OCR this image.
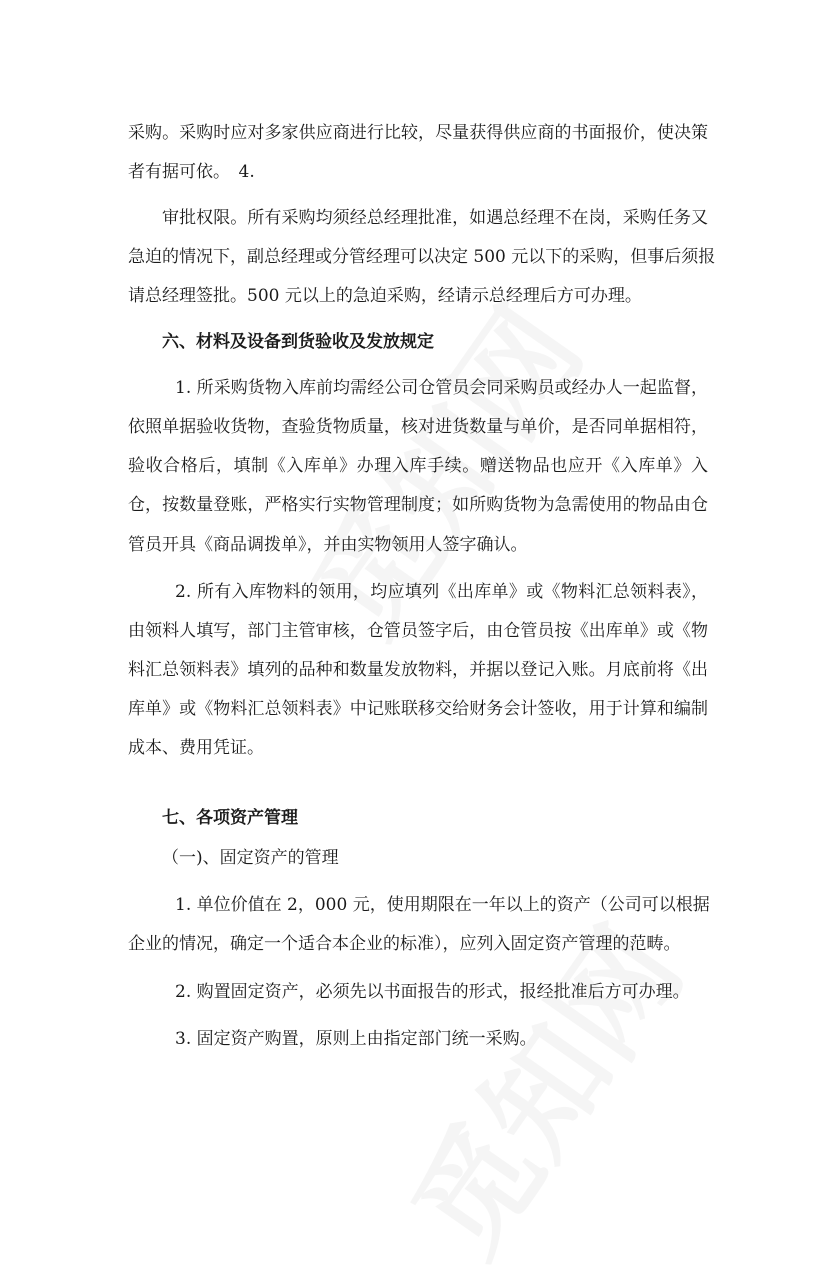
采购。采购时应对多家供应商进行比较，尽量获得供应商的书面报价，使决策
者有据可依。　4.
审批权限。所有采购均须经总经理批准，如遇总经理不在岗，采购任务又
急迫的情况下，副总经理或分管经理可以决定 500 元以下的采购，但事后须报
请总经理签批。500 元以上的急迫采购，经请示总经理后方可办理。
六、材料及设备到货验收及发放规定
1. 所采购货物入库前均需经公司仓管员会同采购员或经办人一起监督，
依照单据验收货物，查验货物质量，核对进货数量与单价，是否同单据相符，
验收合格后，填制《入库单》办理入库手续。赠送物品也应开《入库单》入
仓，按数量登账，严格实行实物管理制度；如所购货物为急需使用的物品由仓
管员开具《商品调拨单》，并由实物领用人签字确认。
2. 所有入库物料的领用，均应填列《出库单》或《物料汇总领料表》，
由领料人填写，部门主管审核，仓管员签字后，由仓管员按《出库单》或《物
料汇总领料表》填列的品种和数量发放物料，并据以登记入账。月底前将《出
库单》或《物料汇总领料表》中记账联移交给财务会计签收，用于计算和编制
成本、费用凭证。
七、各项资产管理
（一)、固定资产的管理
1. 单位价值在 2，000 元，使用期限在一年以上的资产（公司可以根据
企业的情况，确定一个适合本企业的标准），应列入固定资产管理的范畴。
2. 购置固定资产，必须先以书面报告的形式，报经批准后方可办理。
3. 固定资产购置，原则上由指定部门统一采购。
